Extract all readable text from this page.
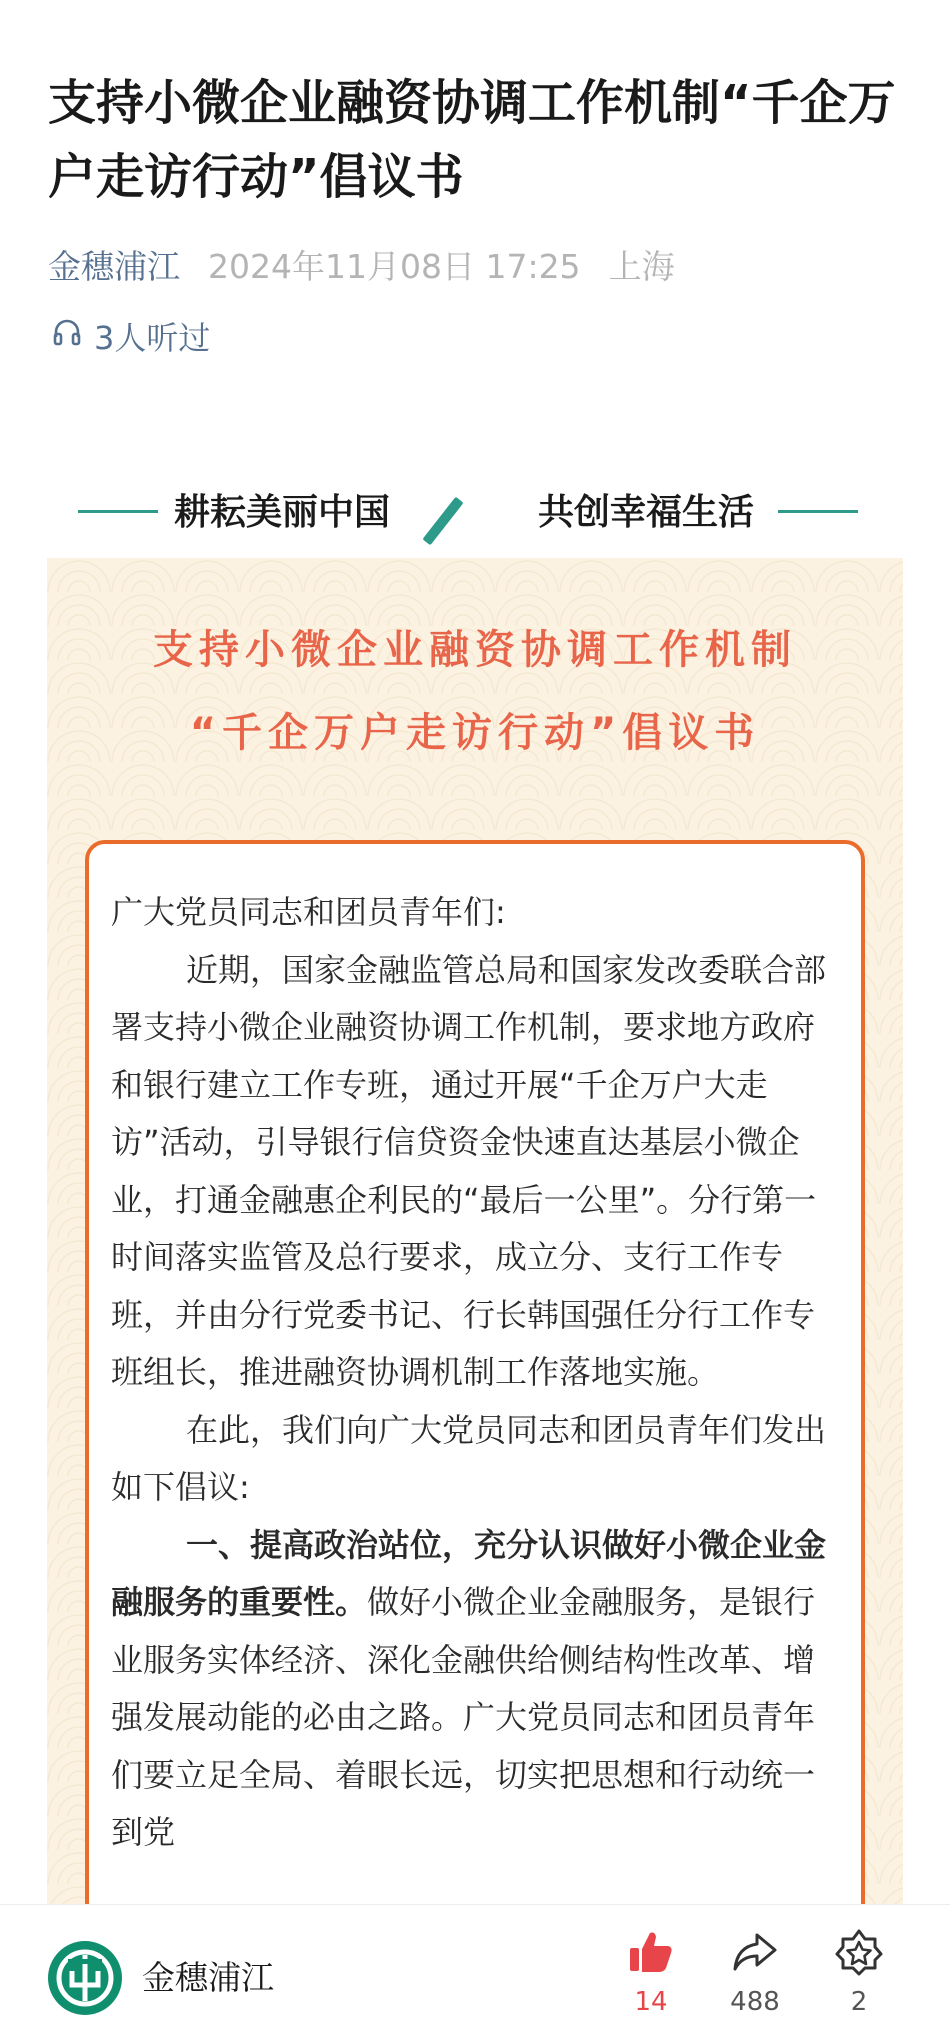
支持小微企业融资协调工作机制“千企万户走访行动”倡议书
金穗浦江 2024年11月08日 17:25 上海
3人听过
耕耘美丽中国	共创幸福生活
支持小微企业融资协调工作机制
“千企万户走访行动”倡议书

广大党员同志和团员青年们:

近期，国家金融监管总局和国家发改委联合部署支持小微企业融资协调工作机制，要求地方政府和银行建立工作专班，通过开展“千企万户大走访”活动，引导银行信贷资金快速直达基层小微企业，打通金融惠企利民的“最后一公里”。分行第一时间落实监管及总行要求，成立分、支行工作专班，并由分行党委书记、行长韩国强任分行工作专班组长，推进融资协调机制工作落地实施。

在此，我们向广大党员同志和团员青年们发出如下倡议:

一、提高政治站位，充分认识做好小微企业金融服务的重要性。做好小微企业金融服务，是银行业服务实体经济、深化金融供给侧结构性改革、增强发展动能的必由之路。广大党员同志和团员青年们要立足全局、着眼长远，切实把思想和行动统一到党

金穗浦江
14	488	2
